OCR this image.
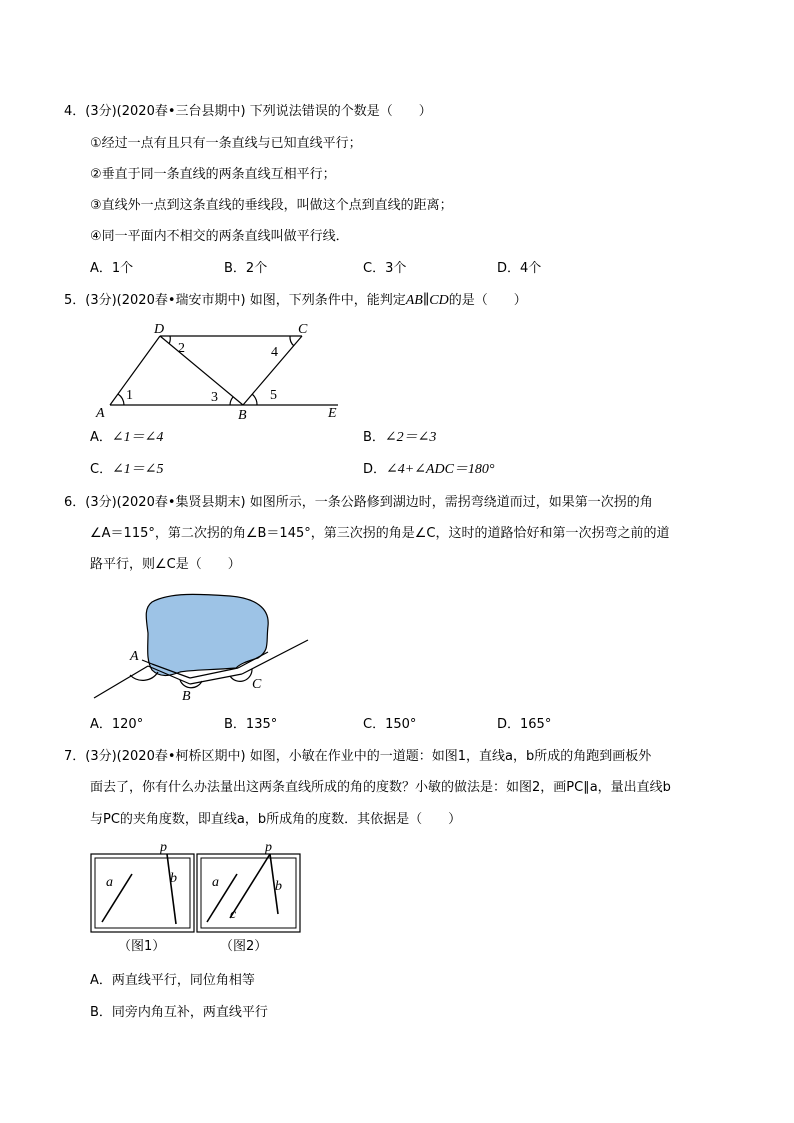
4．(3分)(2020春•三台县期中) 下列说法错误的个数是（　　）
①经过一点有且只有一条直线与已知直线平行；
②垂直于同一条直线的两条直线互相平行；
③直线外一点到这条直线的垂线段，叫做这个点到直线的距离；
④同一平面内不相交的两条直线叫做平行线．
A．1个	B．2个	C．3个	D．4个
5．(3分)(2020春•瑞安市期中) 如图，下列条件中，能判定AB∥CD的是（　　）
D	C
A	B	E
1
2
3
4
5
A．∠1＝∠4	B．∠2＝∠3
C．∠1＝∠5	D．∠4+∠ADC＝180°
6．(3分)(2020春•集贤县期末) 如图所示，一条公路修到湖边时，需拐弯绕道而过，如果第一次拐的角
∠A＝115°，第二次拐的角∠B＝145°，第三次拐的角是∠C，这时的道路恰好和第一次拐弯之前的道
路平行，则∠C是（　　）
A
B
C
A．120°	B．135°	C．150°	D．165°
7．(3分)(2020春•柯桥区期中) 如图，小敏在作业中的一道题：如图1，直线a，b所成的角跑到画板外
面去了，你有什么办法量出这两条直线所成的角的度数？小敏的做法是：如图2，画PC∥a，量出直线b
与PC的夹角度数，即直线a，b所成角的度数．其依据是（　　）
a	b
p
a	b
p
c
（图1）	（图2）
A．两直线平行，同位角相等
B．同旁内角互补，两直线平行
